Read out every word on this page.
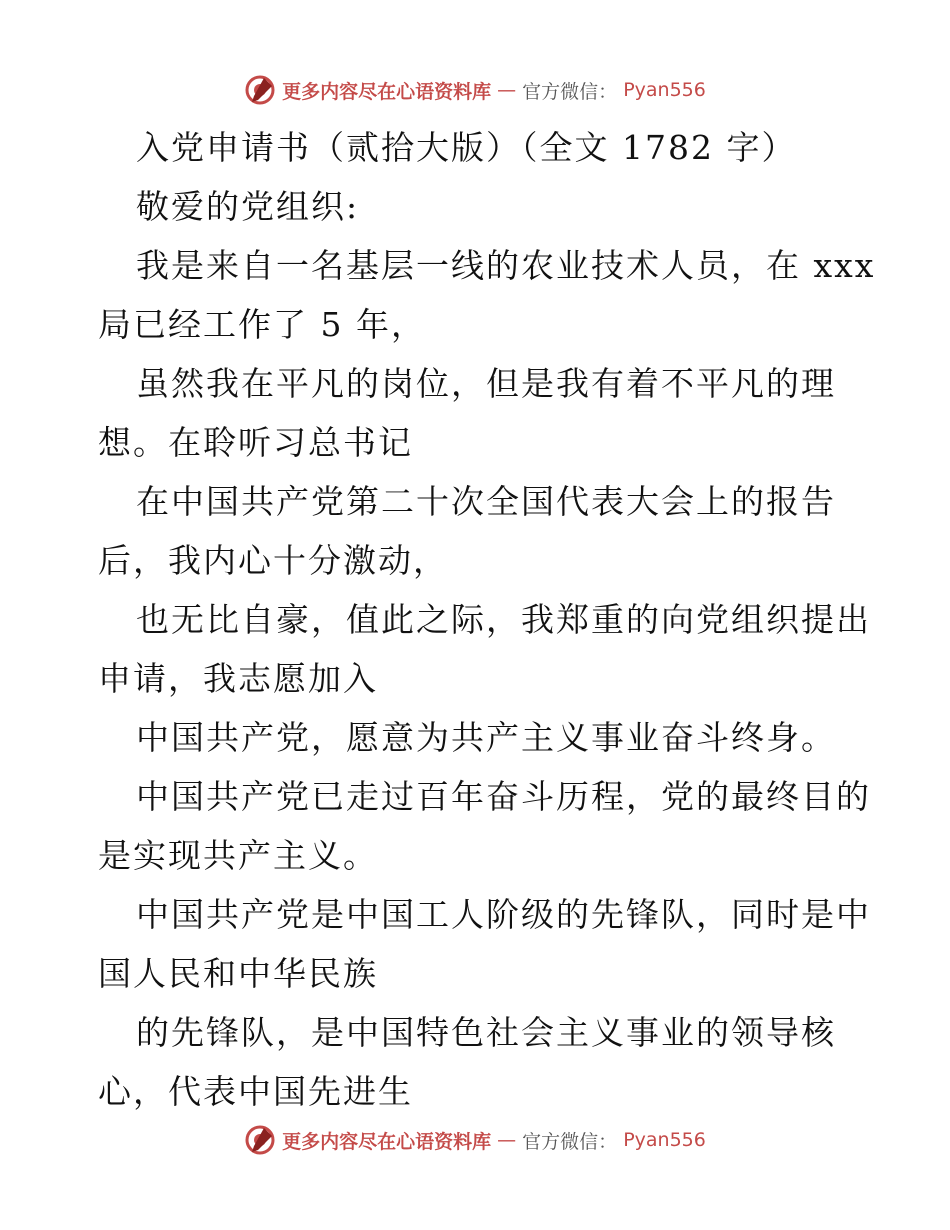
更多内容尽在心语资料库 — 官方微信： Pyan556
入党申请书（贰拾大版）（全文 1782 字）
敬爱的党组织:
我是来自一名基层一线的农业技术人员，在 xxx
局已经工作了 5 年，
虽然我在平凡的岗位，但是我有着不平凡的理
想。在聆听习总书记
在中国共产党第二十次全国代表大会上的报告
后，我内心十分激动，
也无比自豪，值此之际，我郑重的向党组织提出
申请，我志愿加入
中国共产党，愿意为共产主义事业奋斗终身。
中国共产党已走过百年奋斗历程，党的最终目的
是实现共产主义。
中国共产党是中国工人阶级的先锋队，同时是中
国人民和中华民族
的先锋队，是中国特色社会主义事业的领导核
心，代表中国先进生
更多内容尽在心语资料库 — 官方微信： Pyan556
